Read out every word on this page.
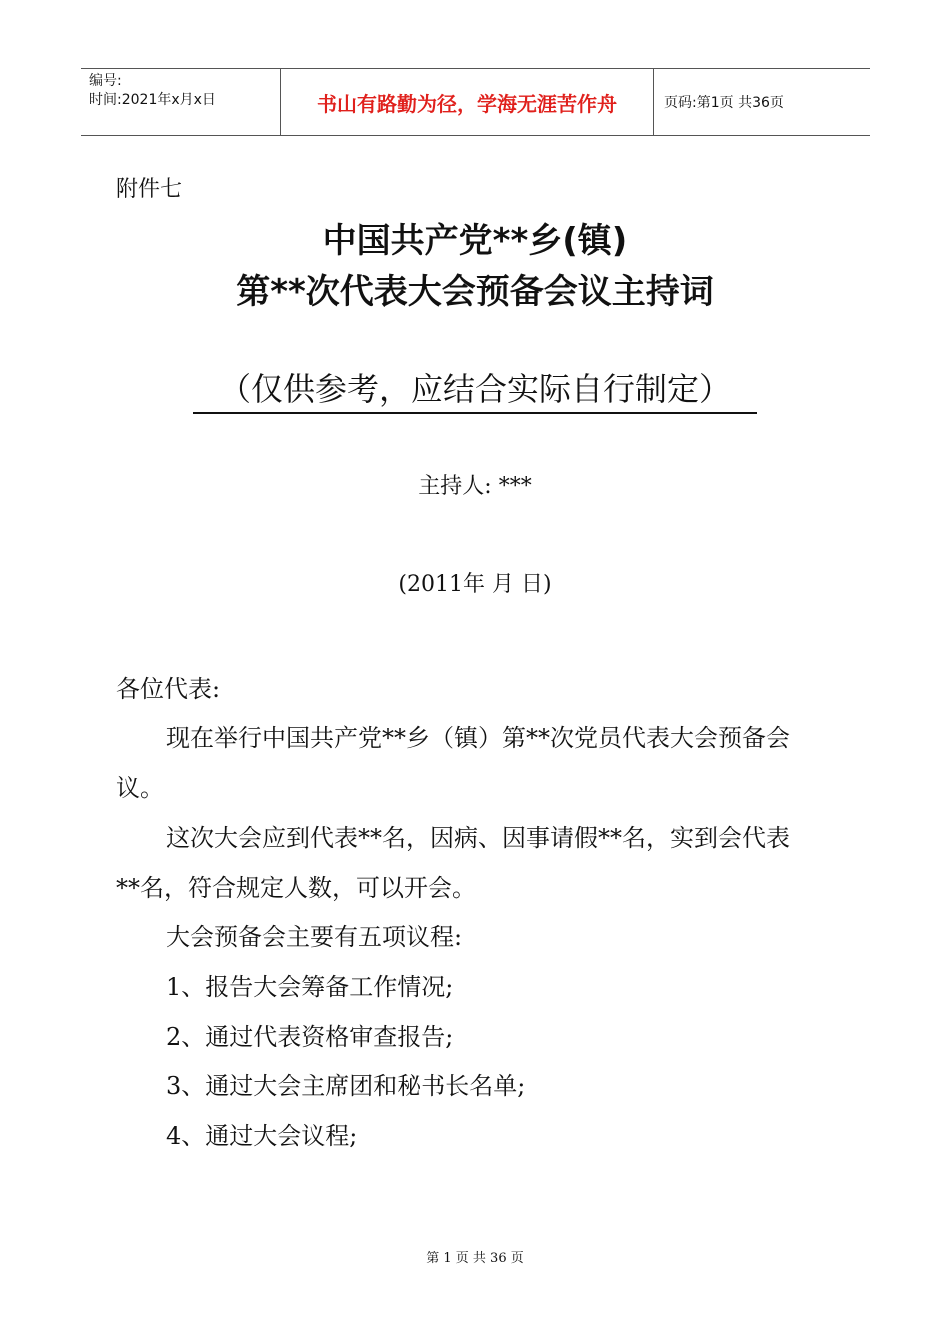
编号:
时间:2021年x月x日	书山有路勤为径，学海无涯苦作舟	页码:第1页 共36页
附件七
中国共产党**乡(镇)
第**次代表大会预备会议主持词
（仅供参考，应结合实际自行制定）
主持人: ***
(2011年 月 日)
各位代表:
现在举行中国共产党**乡（镇）第**次党员代表大会预备会
议。
这次大会应到代表**名，因病、因事请假**名，实到会代表
**名，符合规定人数，可以开会。
大会预备会主要有五项议程:
1、报告大会筹备工作情况;
2、通过代表资格审查报告;
3、通过大会主席团和秘书长名单;
4、通过大会议程;
第 1 页 共 36 页
